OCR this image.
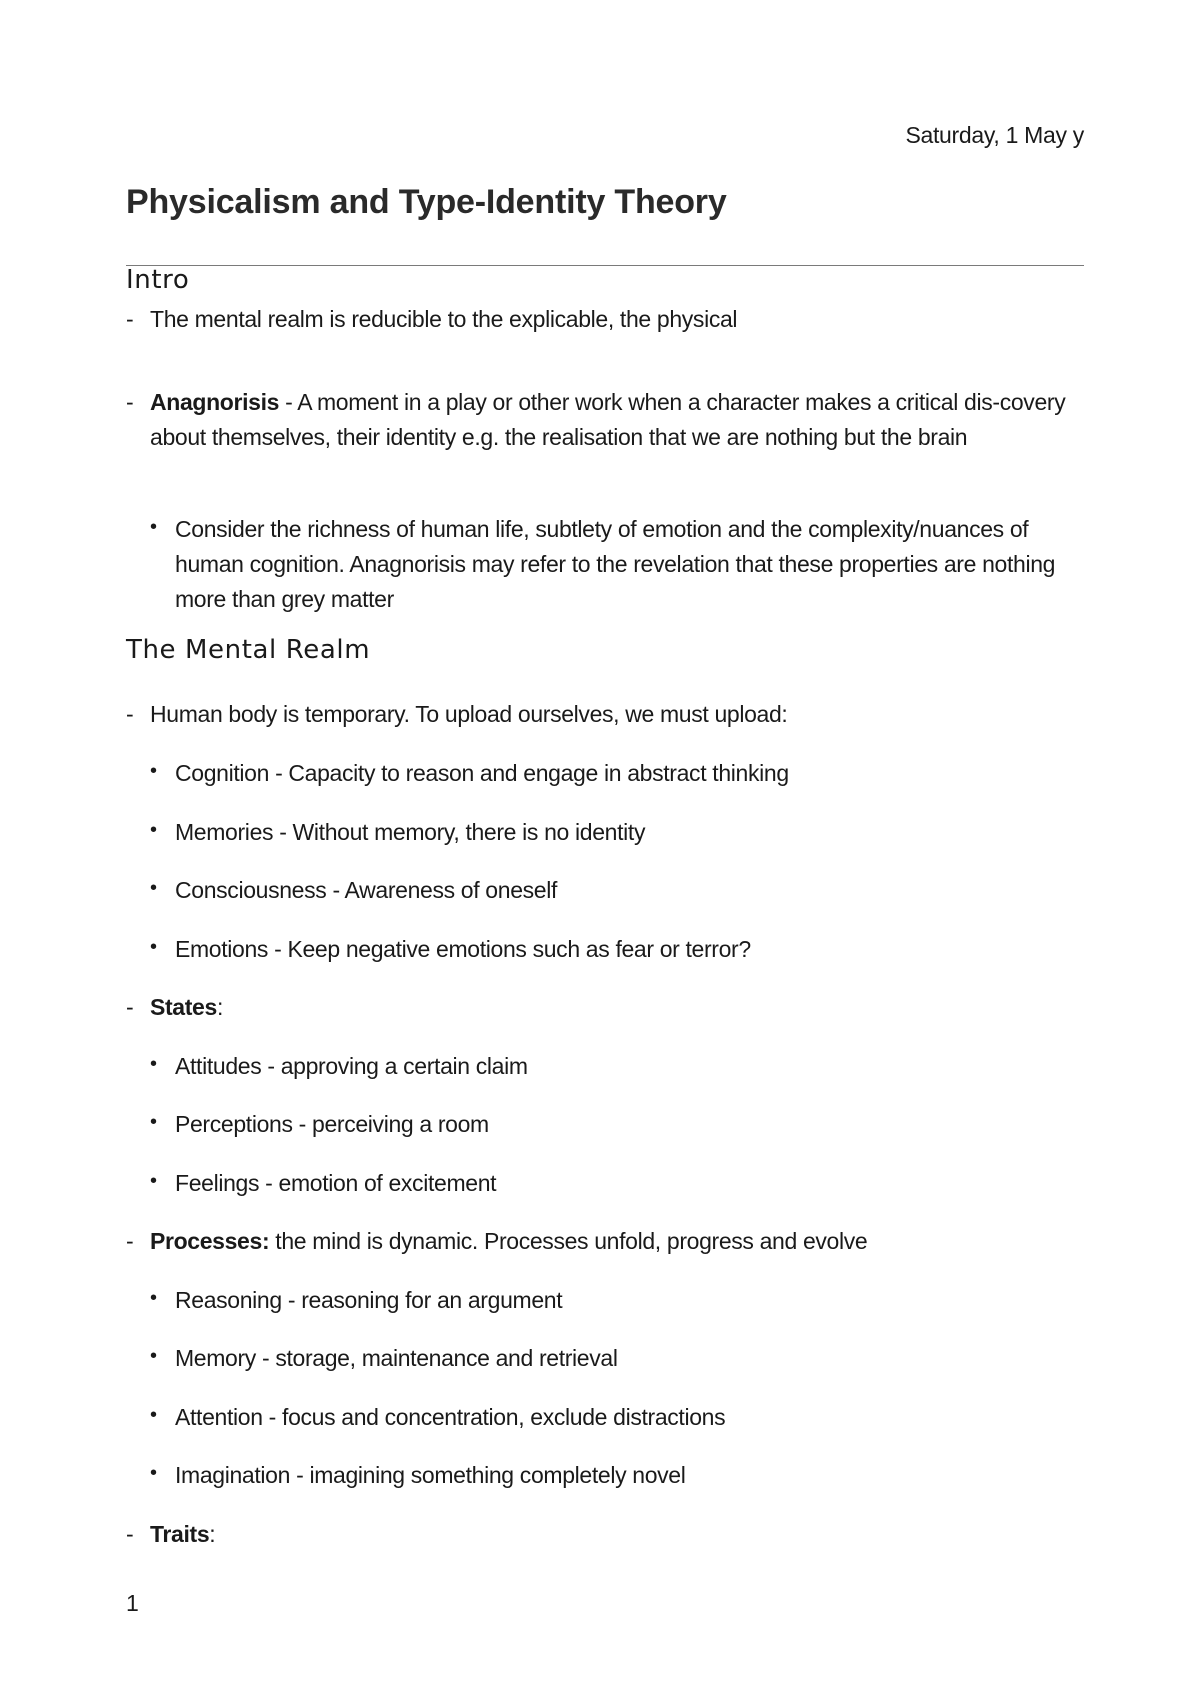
Saturday, 1 May y
Physicalism and Type-Identity Theory
Intro
- The mental realm is reducible to the explicable, the physical
- Anagnorisis - A moment in a play or other work when a character makes a critical dis-covery about themselves, their identity e.g. the realisation that we are nothing but the brain
• Consider the richness of human life, subtlety of emotion and the complexity/nuances of human cognition. Anagnorisis may refer to the revelation that these properties are nothing more than grey matter
The Mental Realm
- Human body is temporary. To upload ourselves, we must upload:
• Cognition - Capacity to reason and engage in abstract thinking
• Memories - Without memory, there is no identity
• Consciousness - Awareness of oneself
• Emotions - Keep negative emotions such as fear or terror?
- States:
• Attitudes - approving a certain claim
• Perceptions - perceiving a room
• Feelings - emotion of excitement
- Processes: the mind is dynamic. Processes unfold, progress and evolve
• Reasoning - reasoning for an argument
• Memory - storage, maintenance and retrieval
• Attention - focus and concentration, exclude distractions
• Imagination - imagining something completely novel
- Traits:
1
